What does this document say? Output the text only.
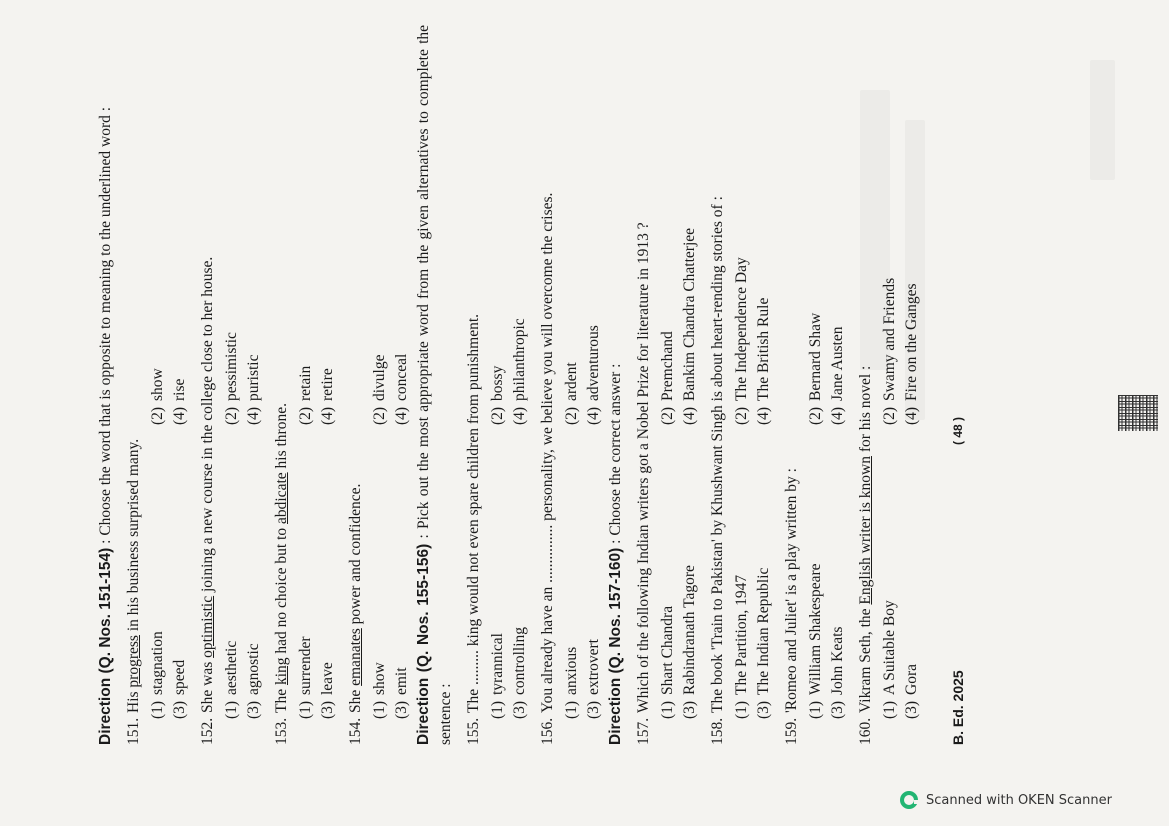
Direction (Q. Nos. 151-154) : Choose the word that is opposite to meaning to the underlined word :

151.
His progress in his business surprised many.
(1)
stagnation
(2)
show
(3)
speed
(4)
rise
152.
She was optimistic joining a new course in the college close to her house.
(1)
aesthetic
(2)
pessimistic
(3)
agnostic
(4)
puristic
153.
The king had no choice but to abdicate his throne.
(1)
surrender
(2)
retain
(3)
leave
(4)
retire
154.
She emanates power and confidence.
(1)
show
(2)
divulge
(3)
emit
(4)
conceal

Direction (Q. Nos. 155-156) : Pick out the most appropriate word from the given alternatives to complete the sentence : 155.
The ......... king would not even spare children from punishment. (1)
tyrannical
(2)
bossy
(3)
controlling
(4)
philanthropic
156.
You already have an ............... personality, we believe you will overcome the crises. (1)
anxious
(2)
ardent
(3)
extrovert
(4)
adventurous

Direction (Q. Nos. 157-160) : Choose the correct answer :

157.
Which of the following Indian writers got a Nobel Prize for literature in 1913 ? (1)
Shart Chandra
(2)
Premchand
(3)
Rabindranath Tagore
(4)
Bankim Chandra Chatterjee
158.
The book 'Train to Pakistan' by Khushwant Singh is about heart-rending stories of : (1)
The Partition, 1947
(2)
The Independence Day
(3)
The Indian Republic
(4)
The British Rule
159.
'Romeo and Juliet' is a play written by : (1)
William Shakespeare
(2)
Bernard Shaw
(3)
John Keats
(4)
Jane Austen
160.
Vikram Seth, the English writer is known for his novel :
(1)
A Suitable Boy
(2)
Swamy and Friends
(3)
Gora
(4)
Fire on the Ganges
B. Ed. 2025
( 48 )
Scanned with OKEN Scanner
